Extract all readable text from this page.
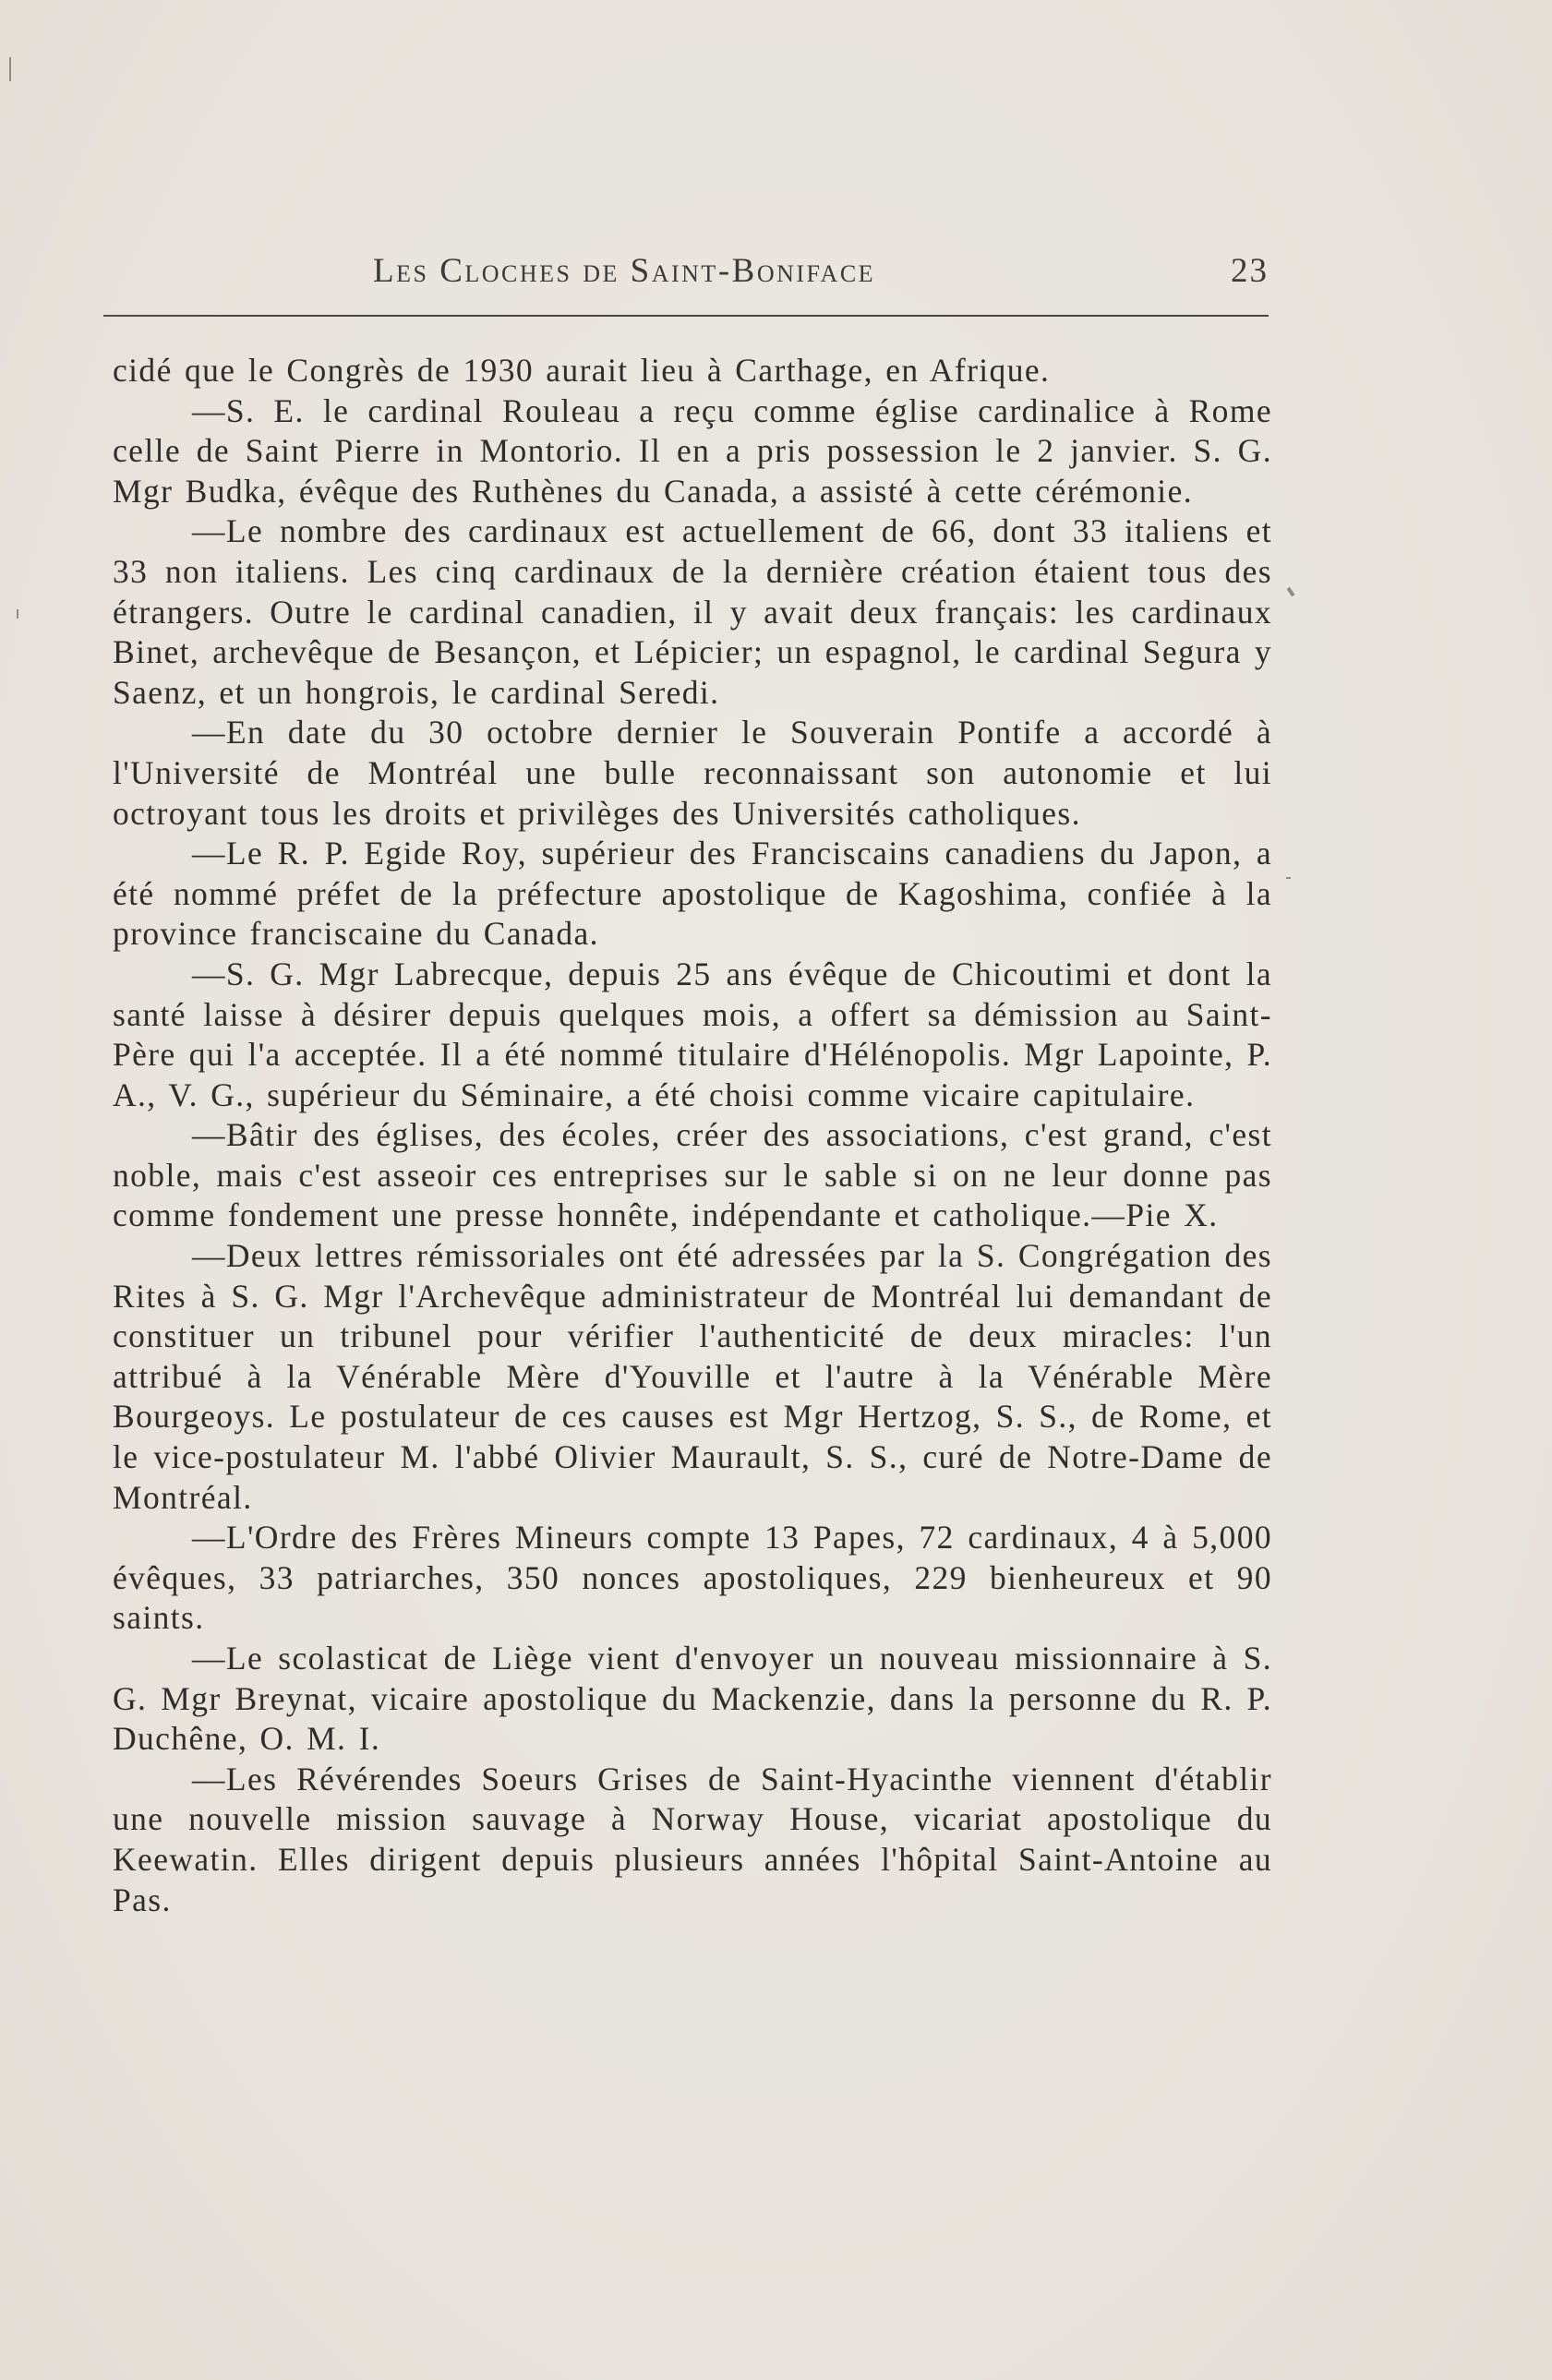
Les Cloches de Saint-Boniface	23

cidé que le Congrès de 1930 aurait lieu à Carthage, en Afrique.

—S. E. le cardinal Rouleau a reçu comme église cardinalice à Rome celle de Saint Pierre in Montorio. Il en a pris possession le 2 janvier. S. G. Mgr Budka, évêque des Ruthènes du Canada, a assisté à cette cérémonie.

—Le nombre des cardinaux est actuellement de 66, dont 33 italiens et 33 non italiens. Les cinq cardinaux de la dernière création étaient tous des étrangers. Outre le cardinal canadien, il y avait deux français: les cardinaux Binet, archevêque de Besançon, et Lépicier; un espagnol, le cardinal Segura y Saenz, et un hongrois, le cardinal Seredi.

—En date du 30 octobre dernier le Souverain Pontife a accordé à l'Université de Montréal une bulle reconnaissant son autonomie et lui octroyant tous les droits et privilèges des Universités catholiques.

—Le R. P. Egide Roy, supérieur des Franciscains canadiens du Japon, a été nommé préfet de la préfecture apostolique de Kagoshima, confiée à la province franciscaine du Canada.

—S. G. Mgr Labrecque, depuis 25 ans évêque de Chicoutimi et dont la santé laisse à désirer depuis quelques mois, a offert sa démission au Saint-Père qui l'a acceptée. Il a été nommé titulaire d'Hélénopolis. Mgr Lapointe, P. A., V. G., supérieur du Séminaire, a été choisi comme vicaire capitulaire.

—Bâtir des églises, des écoles, créer des associations, c'est grand, c'est noble, mais c'est asseoir ces entreprises sur le sable si on ne leur donne pas comme fondement une presse honnête, indépendante et catholique.—Pie X.

—Deux lettres rémissoriales ont été adressées par la S. Congrégation des Rites à S. G. Mgr l'Archevêque administrateur de Montréal lui demandant de constituer un tribunel pour vérifier l'authenticité de deux miracles: l'un attribué à la Vénérable Mère d'Youville et l'autre à la Vénérable Mère Bourgeoys. Le postulateur de ces causes est Mgr Hertzog, S. S., de Rome, et le vice-postulateur M. l'abbé Olivier Maurault, S. S., curé de Notre-Dame de Montréal.

—L'Ordre des Frères Mineurs compte 13 Papes, 72 cardinaux, 4 à 5,000 évêques, 33 patriarches, 350 nonces apostoliques, 229 bienheureux et 90 saints.

—Le scolasticat de Liège vient d'envoyer un nouveau missionnaire à S. G. Mgr Breynat, vicaire apostolique du Mackenzie, dans la personne du R. P. Duchêne, O. M. I.

—Les Révérendes Soeurs Grises de Saint-Hyacinthe viennent d'établir une nouvelle mission sauvage à Norway House, vicariat apostolique du Keewatin. Elles dirigent depuis plusieurs années l'hôpital Saint-Antoine au Pas.
